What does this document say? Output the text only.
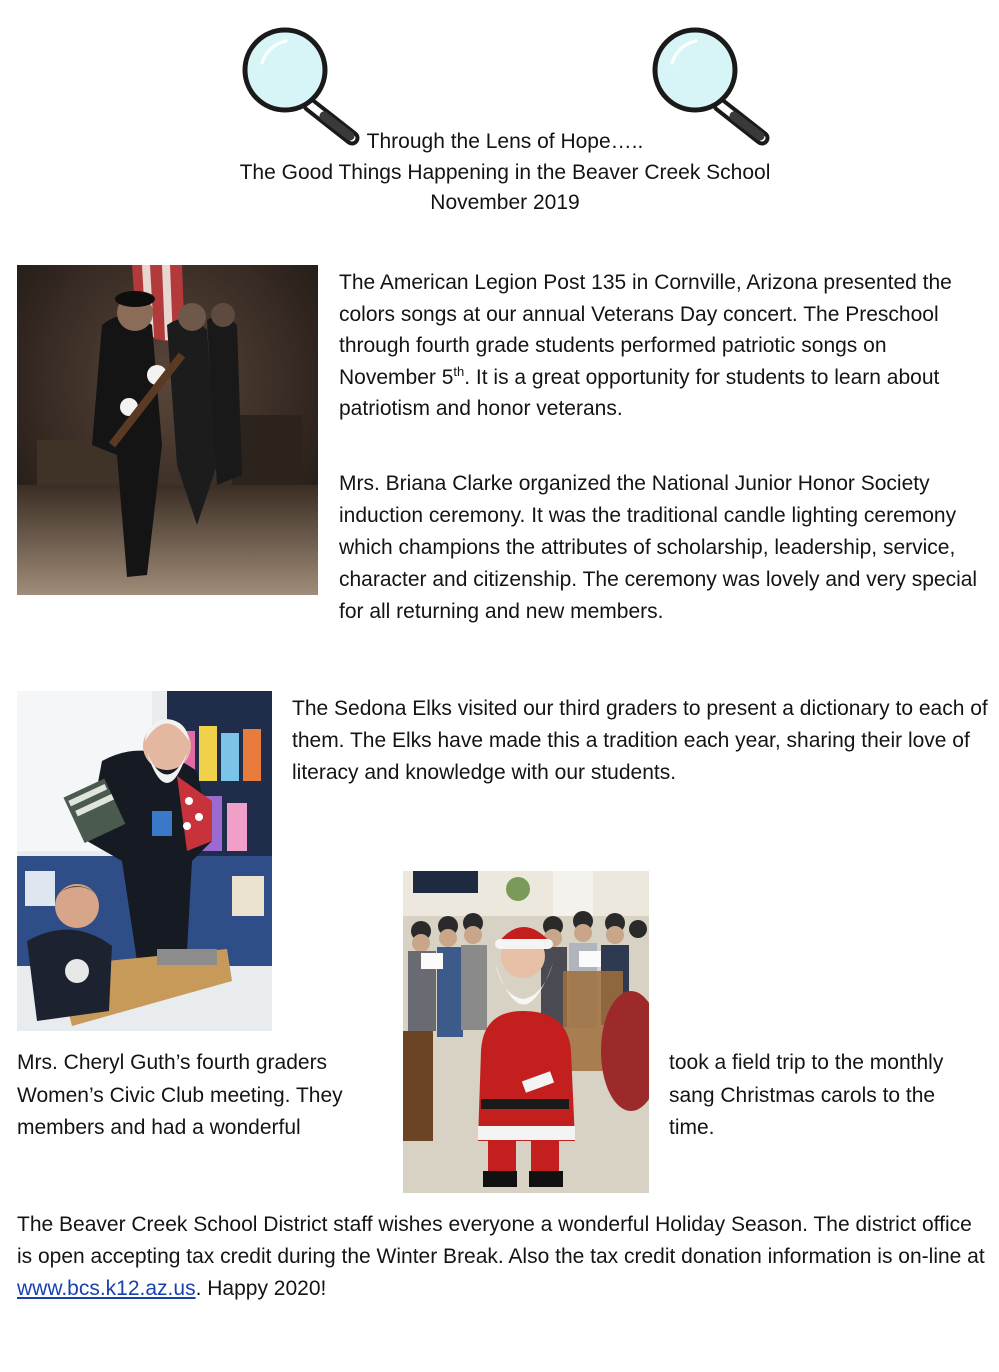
Through the Lens of Hope…..
The Good Things Happening in the Beaver Creek School
November 2019

The American Legion Post 135 in Cornville, Arizona presented the colors songs at our annual Veterans Day concert. The Preschool through fourth grade students performed patriotic songs on November 5th. It is a great opportunity for students to learn about patriotism and honor veterans.

Mrs. Briana Clarke organized the National Junior Honor Society induction ceremony. It was the traditional candle lighting ceremony which champions the attributes of scholarship, leadership, service, character and citizenship. The ceremony was lovely and very special for all returning and new members.

The Sedona Elks visited our third graders to present a dictionary to each of them. The Elks have made this a tradition each year, sharing their love of literacy and knowledge with our students.

Mrs. Cheryl Guth’s fourth graders
Women’s Civic Club meeting. They
members and had a wonderful
took a field trip to the monthly
sang Christmas carols to the
time.

The Beaver Creek School District staff wishes everyone a wonderful Holiday Season. The district office is open accepting tax credit during the Winter Break. Also the tax credit donation information is on-line at www.bcs.k12.az.us. Happy 2020!
